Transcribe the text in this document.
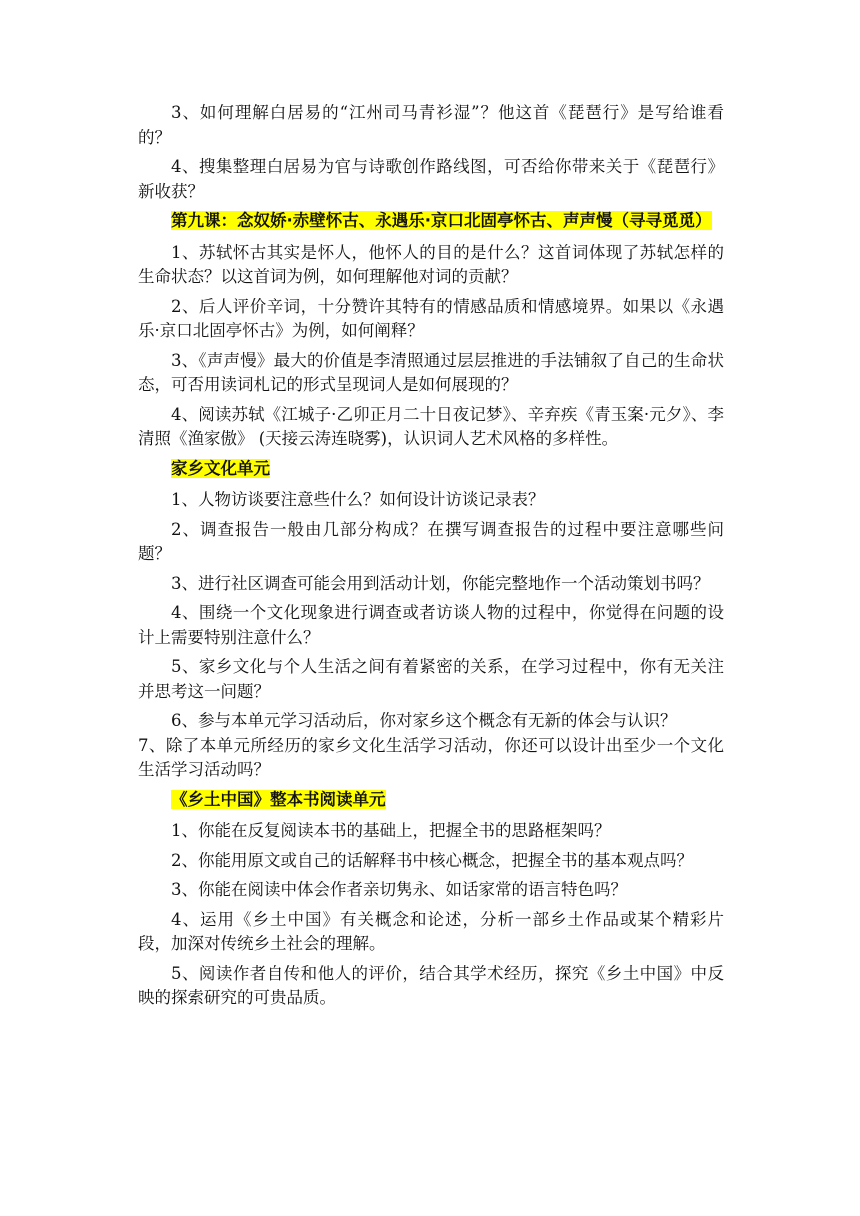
3、如何理解白居易的“江州司马青衫湿”？他这首《琵琶行》是写给谁看的？

4、搜集整理白居易为官与诗歌创作路线图，可否给你带来关于《琵琶行》新收获？

第九课：念奴娇·赤壁怀古、永遇乐·京口北固亭怀古、声声慢（寻寻觅觅）

1、苏轼怀古其实是怀人，他怀人的目的是什么？这首词体现了苏轼怎样的生命状态？以这首词为例，如何理解他对词的贡献？

2、后人评价辛词，十分赞许其特有的情感品质和情感境界。如果以《永遇乐·京口北固亭怀古》为例，如何阐释？

3、《声声慢》最大的价值是李清照通过层层推进的手法铺叙了自己的生命状态，可否用读词札记的形式呈现词人是如何展现的？

4、阅读苏轼《江城子·乙卯正月二十日夜记梦》、辛弃疾《青玉案·元夕》、李清照《渔家傲》 (天接云涛连晓雾)，认识词人艺术风格的多样性。

家乡文化单元

1、人物访谈要注意些什么？如何设计访谈记录表？

2、调查报告一般由几部分构成？在撰写调查报告的过程中要注意哪些问题？

3、进行社区调查可能会用到活动计划，你能完整地作一个活动策划书吗？

4、围绕一个文化现象进行调查或者访谈人物的过程中，你觉得在问题的设计上需要特别注意什么？

5、家乡文化与个人生活之间有着紧密的关系，在学习过程中，你有无关注并思考这一问题？

6、参与本单元学习活动后，你对家乡这个概念有无新的体会与认识？

7、除了本单元所经历的家乡文化生活学习活动，你还可以设计出至少一个文化生活学习活动吗？

《乡土中国》整本书阅读单元

1、你能在反复阅读本书的基础上，把握全书的思路框架吗？

2、你能用原文或自己的话解释书中核心概念，把握全书的基本观点吗？

3、你能在阅读中体会作者亲切隽永、如话家常的语言特色吗？

4、运用《乡土中国》有关概念和论述，分析一部乡土作品或某个精彩片段，加深对传统乡土社会的理解。

5、阅读作者自传和他人的评价，结合其学术经历，探究《乡土中国》中反映的探索研究的可贵品质。
